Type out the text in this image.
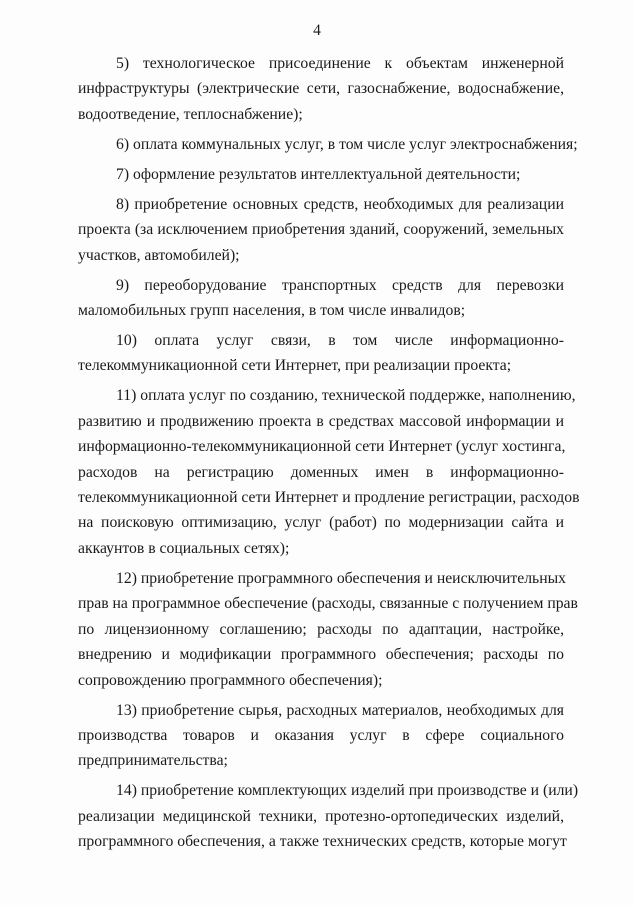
4
5) технологическое присоединение к объектам инженерной
инфраструктуры (электрические сети, газоснабжение, водоснабжение,
водоотведение, теплоснабжение);
6) оплата коммунальных услуг, в том числе услуг электроснабжения;
7) оформление результатов интеллектуальной деятельности;
8) приобретение основных средств, необходимых для реализации
проекта (за исключением приобретения зданий, сооружений, земельных
участков, автомобилей);
9) переоборудование транспортных средств для перевозки
маломобильных групп населения, в том числе инвалидов;
10) оплата услуг связи, в том числе информационно-
телекоммуникационной сети Интернет, при реализации проекта;
11) оплата услуг по созданию, технической поддержке, наполнению,
развитию и продвижению проекта в средствах массовой информации и
информационно-телекоммуникационной сети Интернет (услуг хостинга,
расходов на регистрацию доменных имен в информационно-
телекоммуникационной сети Интернет и продление регистрации, расходов
на поисковую оптимизацию, услуг (работ) по модернизации сайта и
аккаунтов в социальных сетях);
12) приобретение программного обеспечения и неисключительных
прав на программное обеспечение (расходы, связанные с получением прав
по лицензионному соглашению; расходы по адаптации, настройке,
внедрению и модификации программного обеспечения; расходы по
сопровождению программного обеспечения);
13) приобретение сырья, расходных материалов, необходимых для
производства товаров и оказания услуг в сфере социального
предпринимательства;
14) приобретение комплектующих изделий при производстве и (или)
реализации медицинской техники, протезно-ортопедических изделий,
программного обеспечения, а также технических средств, которые могут
